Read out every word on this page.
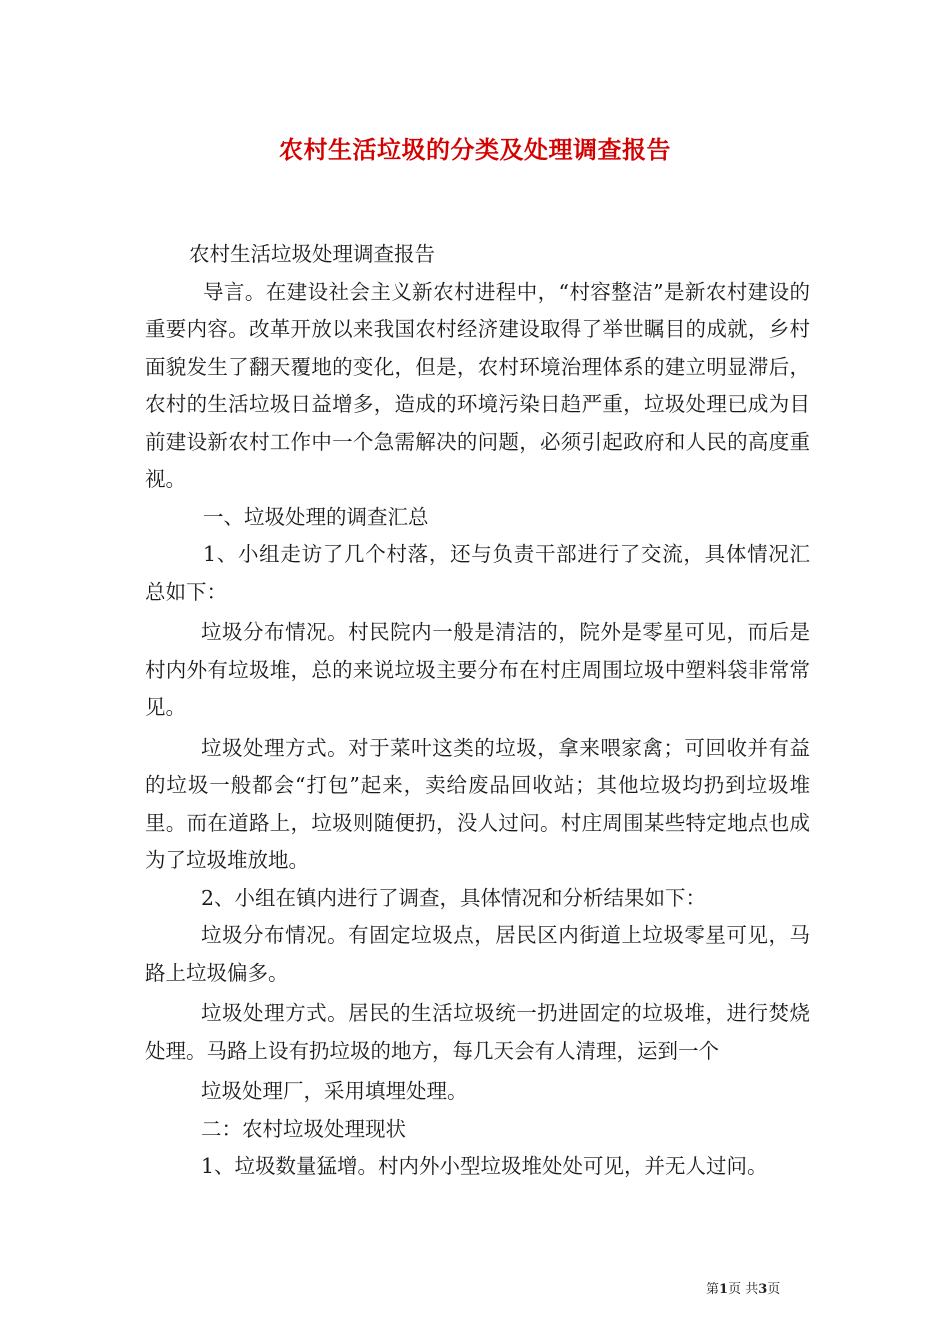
农村生活垃圾的分类及处理调查报告

农村生活垃圾处理调查报告

导言。在建设社会主义新农村进程中，“村容整洁”是新农村建设的重要内容。改革开放以来我国农村经济建设取得了举世瞩目的成就，乡村面貌发生了翻天覆地的变化，但是，农村环境治理体系的建立明显滞后，农村的生活垃圾日益增多，造成的环境污染日趋严重，垃圾处理已成为目前建设新农村工作中一个急需解决的问题，必须引起政府和人民的高度重视。

一、垃圾处理的调查汇总

1、小组走访了几个村落，还与负责干部进行了交流，具体情况汇总如下：

垃圾分布情况。村民院内一般是清洁的，院外是零星可见，而后是村内外有垃圾堆，总的来说垃圾主要分布在村庄周围垃圾中塑料袋非常常见。

垃圾处理方式。对于菜叶这类的垃圾，拿来喂家禽；可回收并有益的垃圾一般都会“打包”起来，卖给废品回收站；其他垃圾均扔到垃圾堆里。而在道路上，垃圾则随便扔，没人过问。村庄周围某些特定地点也成为了垃圾堆放地。

2、小组在镇内进行了调查，具体情况和分析结果如下：

垃圾分布情况。有固定垃圾点，居民区内街道上垃圾零星可见，马路上垃圾偏多。

垃圾处理方式。居民的生活垃圾统一扔进固定的垃圾堆，进行焚烧处理。马路上设有扔垃圾的地方，每几天会有人清理，运到一个

垃圾处理厂，采用填埋处理。

二：农村垃圾处理现状

1、垃圾数量猛增。村内外小型垃圾堆处处可见，并无人过问。

第1页 共3页
